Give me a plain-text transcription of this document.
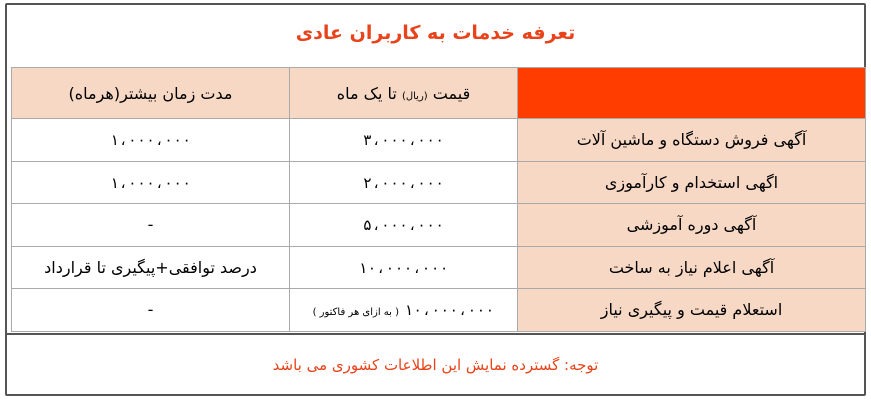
تعرفه خدمات به کاربران عادی
	قیمت (ریال) تا یک ماه	مدت زمان بیشتر(هرماه)
آگهی فروش دستگاه و ماشین آلات	۳،۰۰۰،۰۰۰	۱،۰۰۰،۰۰۰
اگهی استخدام و کارآموزی	۲،۰۰۰،۰۰۰	۱،۰۰۰،۰۰۰
آگهی دوره آموزشی	۵،۰۰۰،۰۰۰	-
آگهی اعلام نیاز به ساخت	۱۰،۰۰۰،۰۰۰	درصد توافقی+پیگیری تا قرارداد
استعلام قیمت و پیگیری نیاز	۱۰،۰۰۰،۰۰۰ ( به ازای هر فاکتور )	-
توجه: گسترده نمایش این اطلاعات کشوری می باشد
